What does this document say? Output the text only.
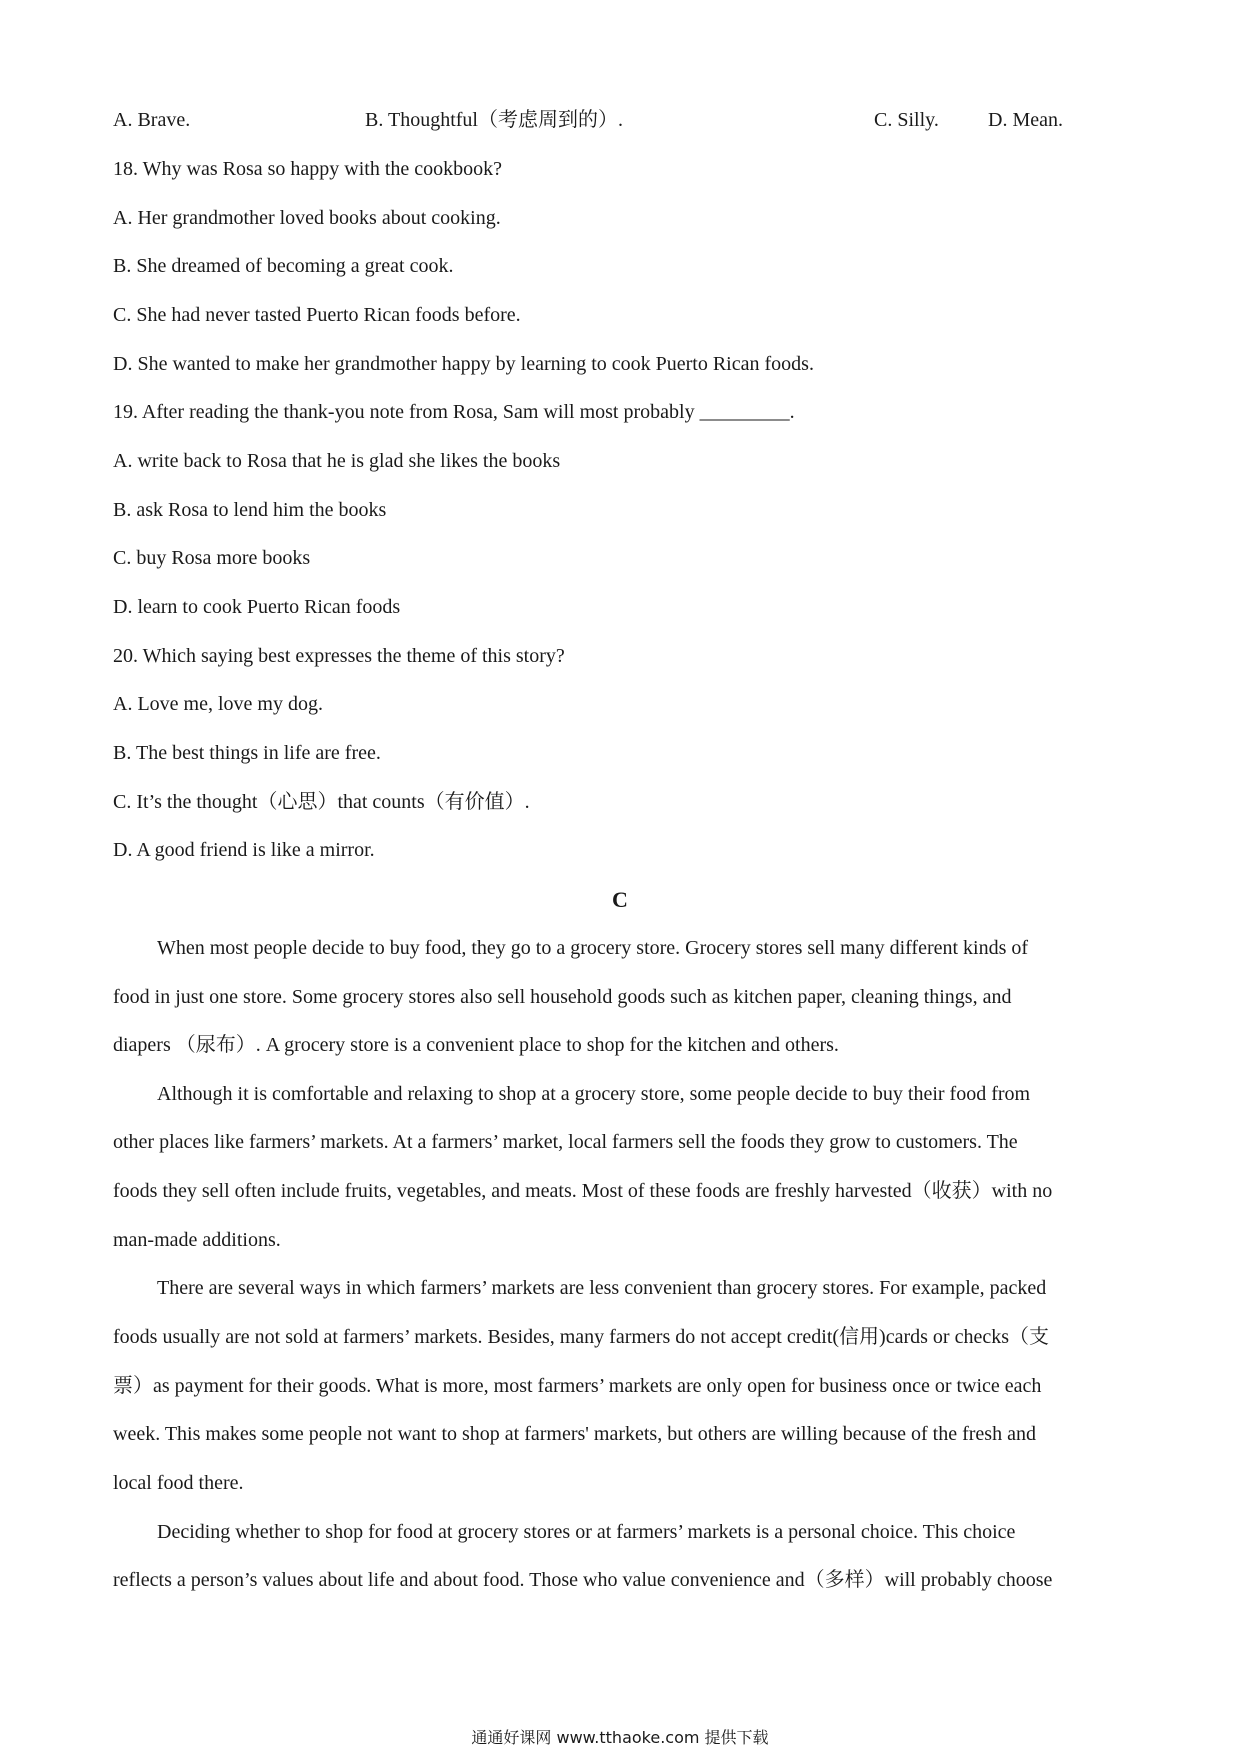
A. Brave.	B. Thoughtful（考虑周到的）.	C. Silly. D. Mean.
18. Why was Rosa so happy with the cookbook?
A. Her grandmother loved books about cooking.
B. She dreamed of becoming a great cook.
C. She had never tasted Puerto Rican foods before.
D. She wanted to make her grandmother happy by learning to cook Puerto Rican foods.
19. After reading the thank-you note from Rosa, Sam will most probably _________.
A. write back to Rosa that he is glad she likes the books
B. ask Rosa to lend him the books
C. buy Rosa more books
D. learn to cook Puerto Rican foods
20. Which saying best expresses the theme of this story?
A. Love me, love my dog.
B. The best things in life are free.
C. It’s the thought（心思）that counts（有价值）.
D. A good friend is like a mirror.
C
When most people decide to buy food, they go to a grocery store. Grocery stores sell many different kinds of
food in just one store. Some grocery stores also sell household goods such as kitchen paper, cleaning things, and
diapers （尿布）. A grocery store is a convenient place to shop for the kitchen and others.
Although it is comfortable and relaxing to shop at a grocery store, some people decide to buy their food from
other places like farmers’ markets. At a farmers’ market, local farmers sell the foods they grow to customers. The
foods they sell often include fruits, vegetables, and meats. Most of these foods are freshly harvested（收获）with no
man-made additions.
There are several ways in which farmers’ markets are less convenient than grocery stores. For example, packed
foods usually are not sold at farmers’ markets. Besides, many farmers do not accept credit(信用)cards or checks（支
票）as payment for their goods. What is more, most farmers’ markets are only open for business once or twice each
week. This makes some people not want to shop at farmers' markets, but others are willing because of the fresh and
local food there.
Deciding whether to shop for food at grocery stores or at farmers’ markets is a personal choice. This choice
reflects a person’s values about life and about food. Those who value convenience and（多样）will probably choose
通通好课网 www.tthaoke.com 提供下载
